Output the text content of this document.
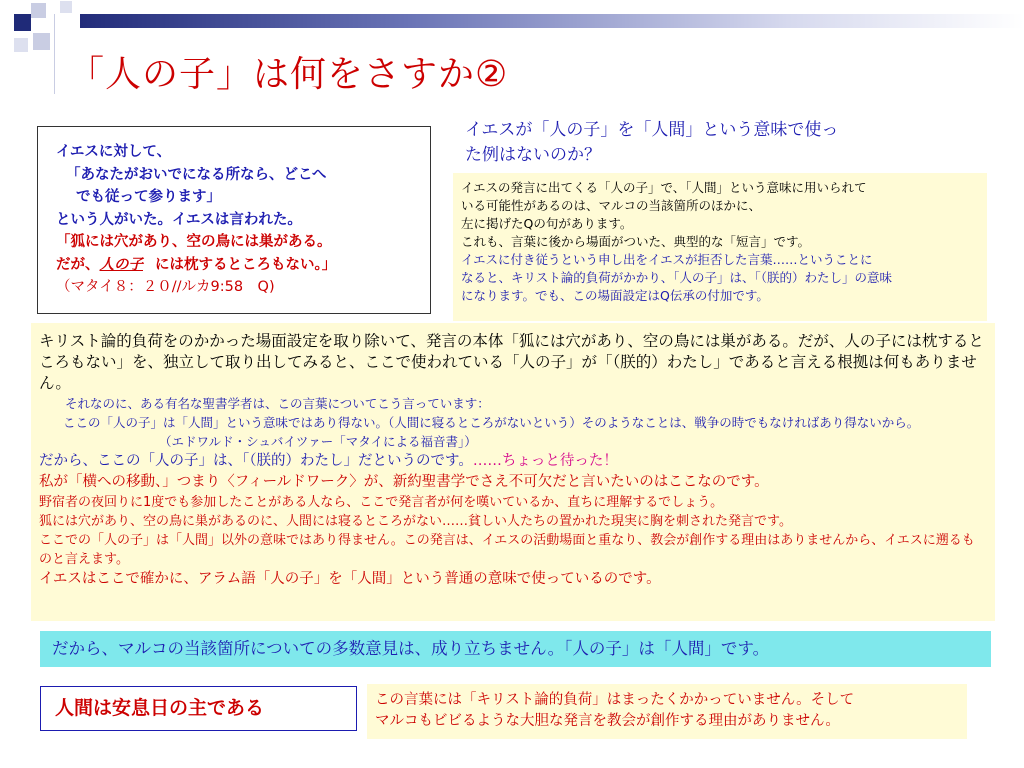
「人の子」は何をさすか②
イエスが「人の子」を「人間」という意味で使っ
た例はないのか？
イエスに対して、
「あなたがおいでになる所なら、どこへ
でも従って参ります」
という人がいた。イエスは言われた。
「狐には穴があり、空の鳥には巣がある。
だが、人の子 には枕するところもない。」
（マタイ８：２０//ルカ9:58　Q)
イエスの発言に出てくる「人の子」で、「人間」という意味に用いられて
いる可能性があるのは、マルコの当該箇所のほかに、
左に掲げたQの句があります。
これも、言葉に後から場面がついた、典型的な「短言」です。
イエスに付き従うという申し出をイエスが拒否した言葉……ということに
なると、キリスト論的負荷がかかり、「人の子」は、「（朕的）わたし」の意味
になります。でも、この場面設定はQ伝承の付加です。
キリスト論的負荷をのかかった場面設定を取り除いて、発言の本体「狐には穴があり、空の鳥には巣がある。だが、人の子には枕するところもない」を、独立して取り出してみると、ここで使われている「人の子」が「（朕的）わたし」であると言える根拠は何もありません。
それなのに、ある有名な聖書学者は、この言葉についてこう言っています：
ここの「人の子」は「人間」という意味ではあり得ない。（人間に寝るところがないという）そのようなことは、戦争の時でもなければあり得ないから。（エドワルド・シュバイツァー「マタイによる福音書」）
だから、ここの「人の子」は、「（朕的）わたし」だというのです。……ちょっと待った！
私が「横への移動、」つまり〈フィールドワーク〉が、新約聖書学でさえ不可欠だと言いたいのはここなのです。
野宿者の夜回りに1度でも参加したことがある人なら、ここで発言者が何を嘆いているか、直ちに理解するでしょう。
狐には穴があり、空の鳥に巣があるのに、人間には寝るところがない……貧しい人たちの置かれた現実に胸を刺された発言です。
ここでの「人の子」は「人間」以外の意味ではあり得ません。この発言は、イエスの活動場面と重なり、教会が創作する理由はありませんから、イエスに遡るものと言えます。
イエスはここで確かに、アラム語「人の子」を「人間」という普通の意味で使っているのです。
だから、マルコの当該箇所についての多数意見は、成り立ちません。「人の子」は「人間」です。
人間は安息日の主である	この言葉には「キリスト論的負荷」はまったくかかっていません。そして
マルコもビビるような大胆な発言を教会が創作する理由がありません。
